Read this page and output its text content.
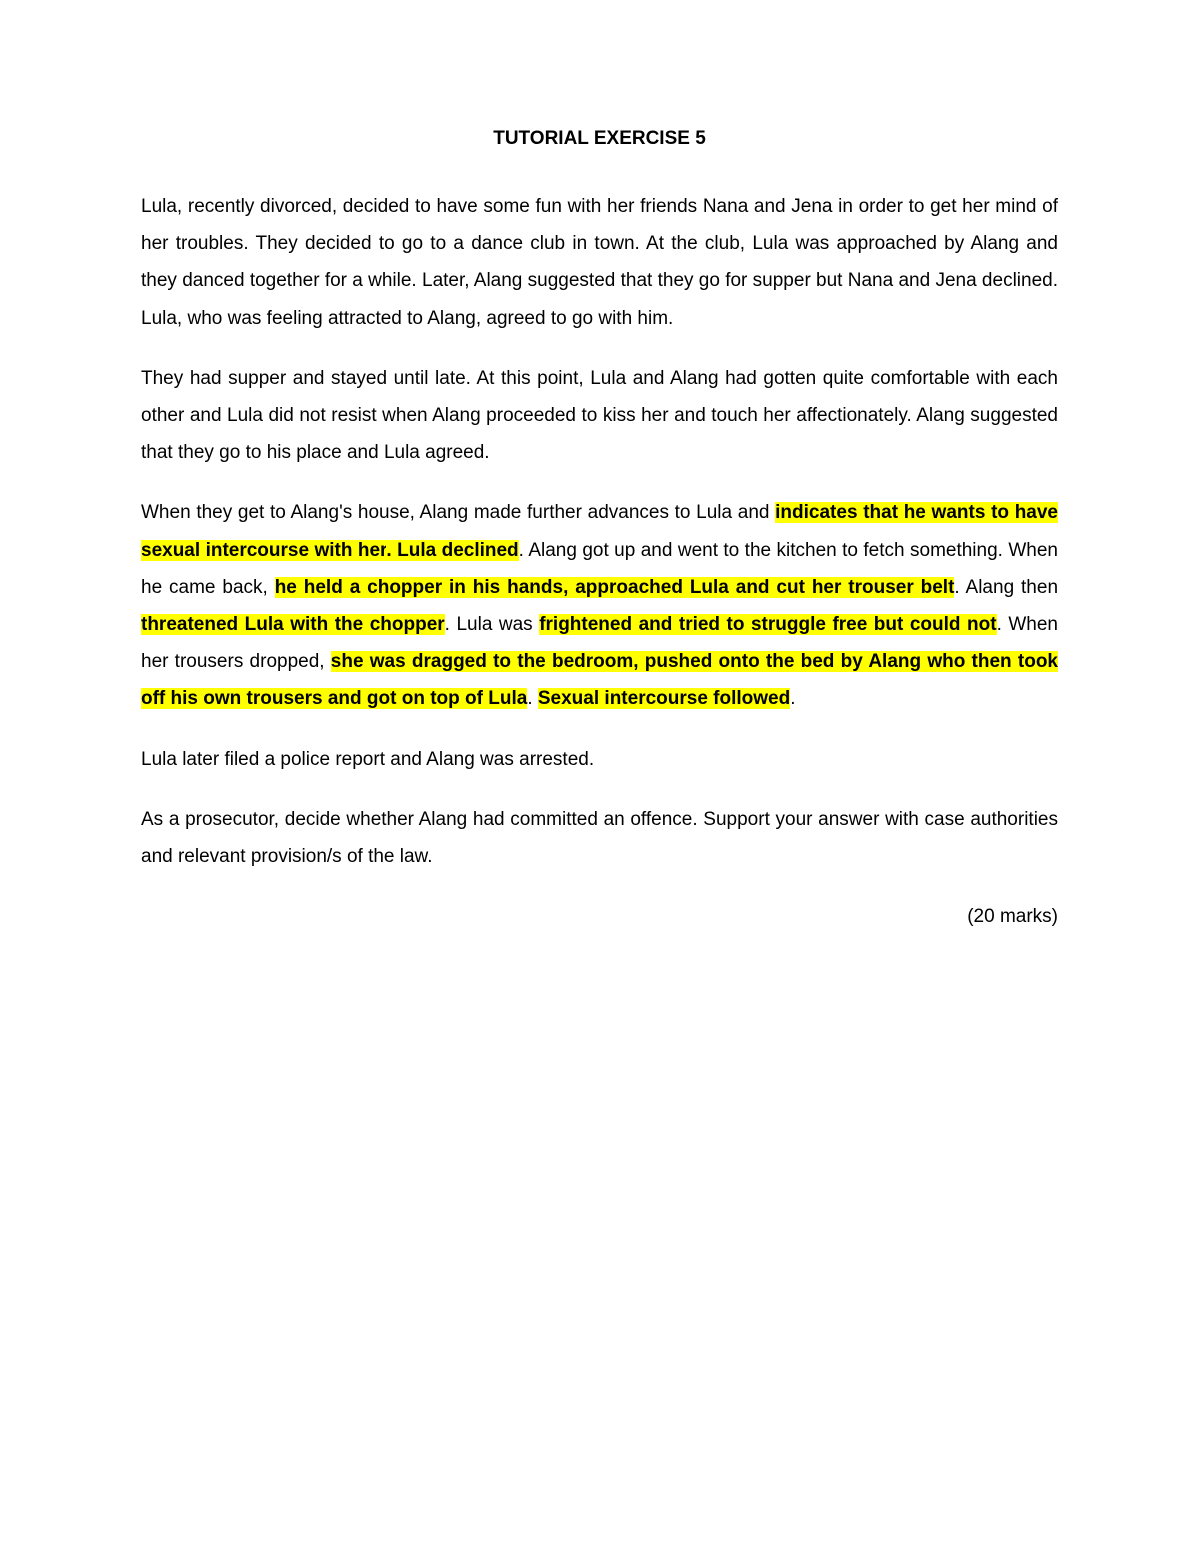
TUTORIAL EXERCISE 5

Lula, recently divorced, decided to have some fun with her friends Nana and Jena in order to get her mind of her troubles. They decided to go to a dance club in town. At the club, Lula was approached by Alang and they danced together for a while. Later, Alang suggested that they go for supper but Nana and Jena declined. Lula, who was feeling attracted to Alang, agreed to go with him.

They had supper and stayed until late. At this point, Lula and Alang had gotten quite comfortable with each other and Lula did not resist when Alang proceeded to kiss her and touch her affectionately. Alang suggested that they go to his place and Lula agreed.

When they get to Alang's house, Alang made further advances to Lula and indicates that he wants to have sexual intercourse with her. Lula declined. Alang got up and went to the kitchen to fetch something. When he came back, he held a chopper in his hands, approached Lula and cut her trouser belt. Alang then threatened Lula with the chopper. Lula was frightened and tried to struggle free but could not. When her trousers dropped, she was dragged to the bedroom, pushed onto the bed by Alang who then took off his own trousers and got on top of Lula. Sexual intercourse followed.

Lula later filed a police report and Alang was arrested.

As a prosecutor, decide whether Alang had committed an offence. Support your answer with case authorities and relevant provision/s of the law.

(20 marks)
